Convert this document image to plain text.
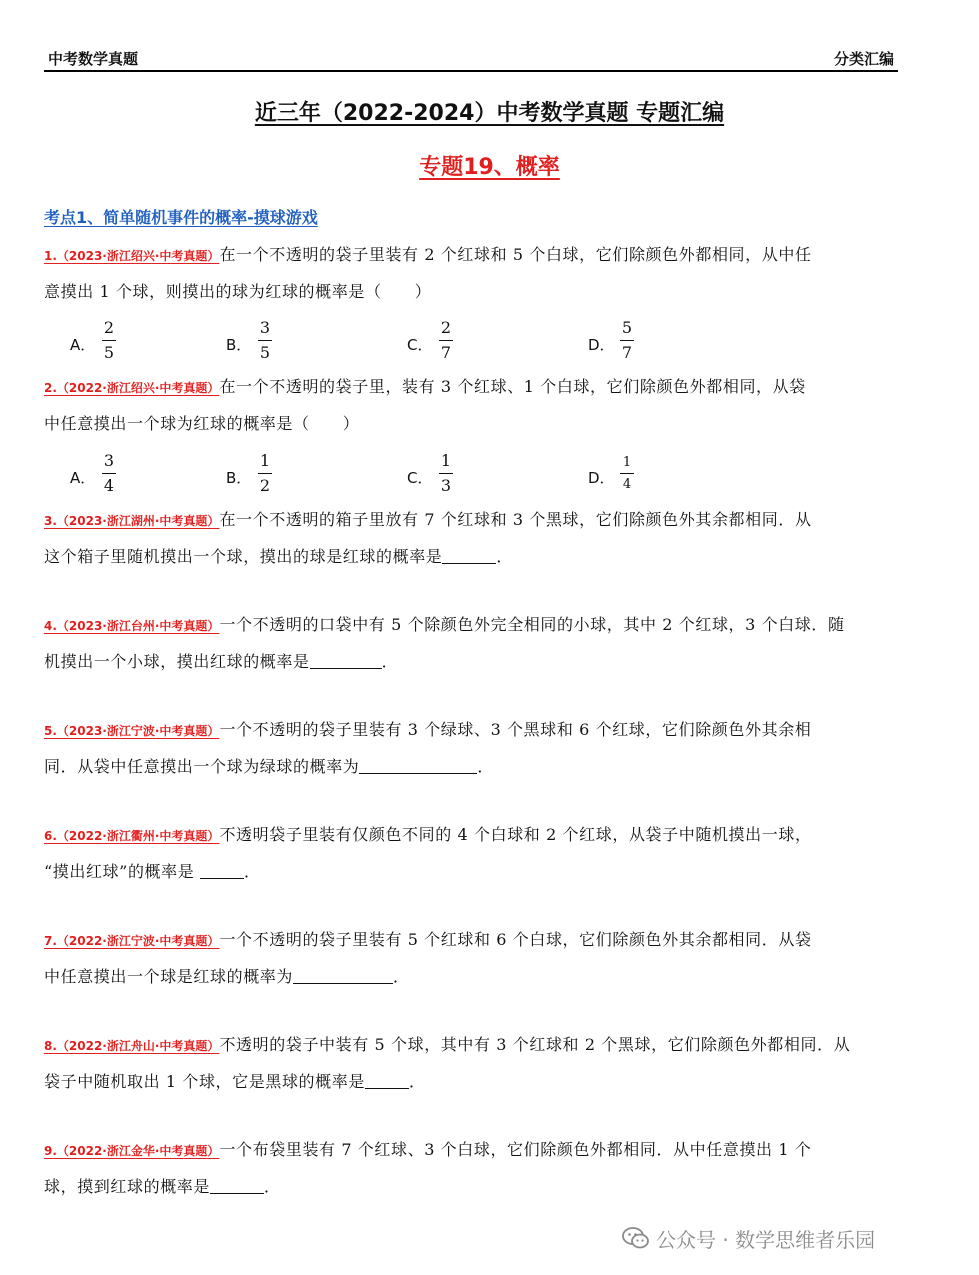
中考数学真题	分类汇编
近三年（2022-2024）中考数学真题 专题汇编
专题19、概率
考点1、简单随机事件的概率-摸球游戏
1.（2023·浙江绍兴·中考真题）在一个不透明的袋子里装有 2 个红球和 5 个白球，它们除颜色外都相同，从中任
意摸出 1 个球，则摸出的球为红球的概率是（　　）
A． $\frac{2}{5}$	B． $\frac{3}{5}$	C． $\frac{2}{7}$	D． $\frac{5}{7}$
2.（2022·浙江绍兴·中考真题）在一个不透明的袋子里，装有 3 个红球、1 个白球，它们除颜色外都相同，从袋
中任意摸出一个球为红球的概率是（　　）
A． $\frac{3}{4}$	B． $\frac{1}{2}$	C． $\frac{1}{3}$	D． $\frac{1}{4}$
3.（2023·浙江湖州·中考真题）在一个不透明的箱子里放有 7 个红球和 3 个黑球，它们除颜色外其余都相同．从
这个箱子里随机摸出一个球，摸出的球是红球的概率是	．
4.（2023·浙江台州·中考真题）一个不透明的口袋中有 5 个除颜色外完全相同的小球，其中 2 个红球，3 个白球．随
机摸出一个小球，摸出红球的概率是	．
5.（2023·浙江宁波·中考真题）一个不透明的袋子里装有 3 个绿球、3 个黑球和 6 个红球，它们除颜色外其余相
同．从袋中任意摸出一个球为绿球的概率为	．
6.（2022·浙江衢州·中考真题）不透明袋子里装有仅颜色不同的 4 个白球和 2 个红球，从袋子中随机摸出一球，
“摸出红球”的概率是	．
7.（2022·浙江宁波·中考真题）一个不透明的袋子里装有 5 个红球和 6 个白球，它们除颜色外其余都相同．从袋
中任意摸出一个球是红球的概率为	．
8.（2022·浙江舟山·中考真题）不透明的袋子中装有 5 个球，其中有 3 个红球和 2 个黑球，它们除颜色外都相同．从
袋子中随机取出 1 个球，它是黑球的概率是	．
9.（2022·浙江金华·中考真题）一个布袋里装有 7 个红球、3 个白球，它们除颜色外都相同．从中任意摸出 1 个
球，摸到红球的概率是	．
公众号 · 数学思维者乐园
